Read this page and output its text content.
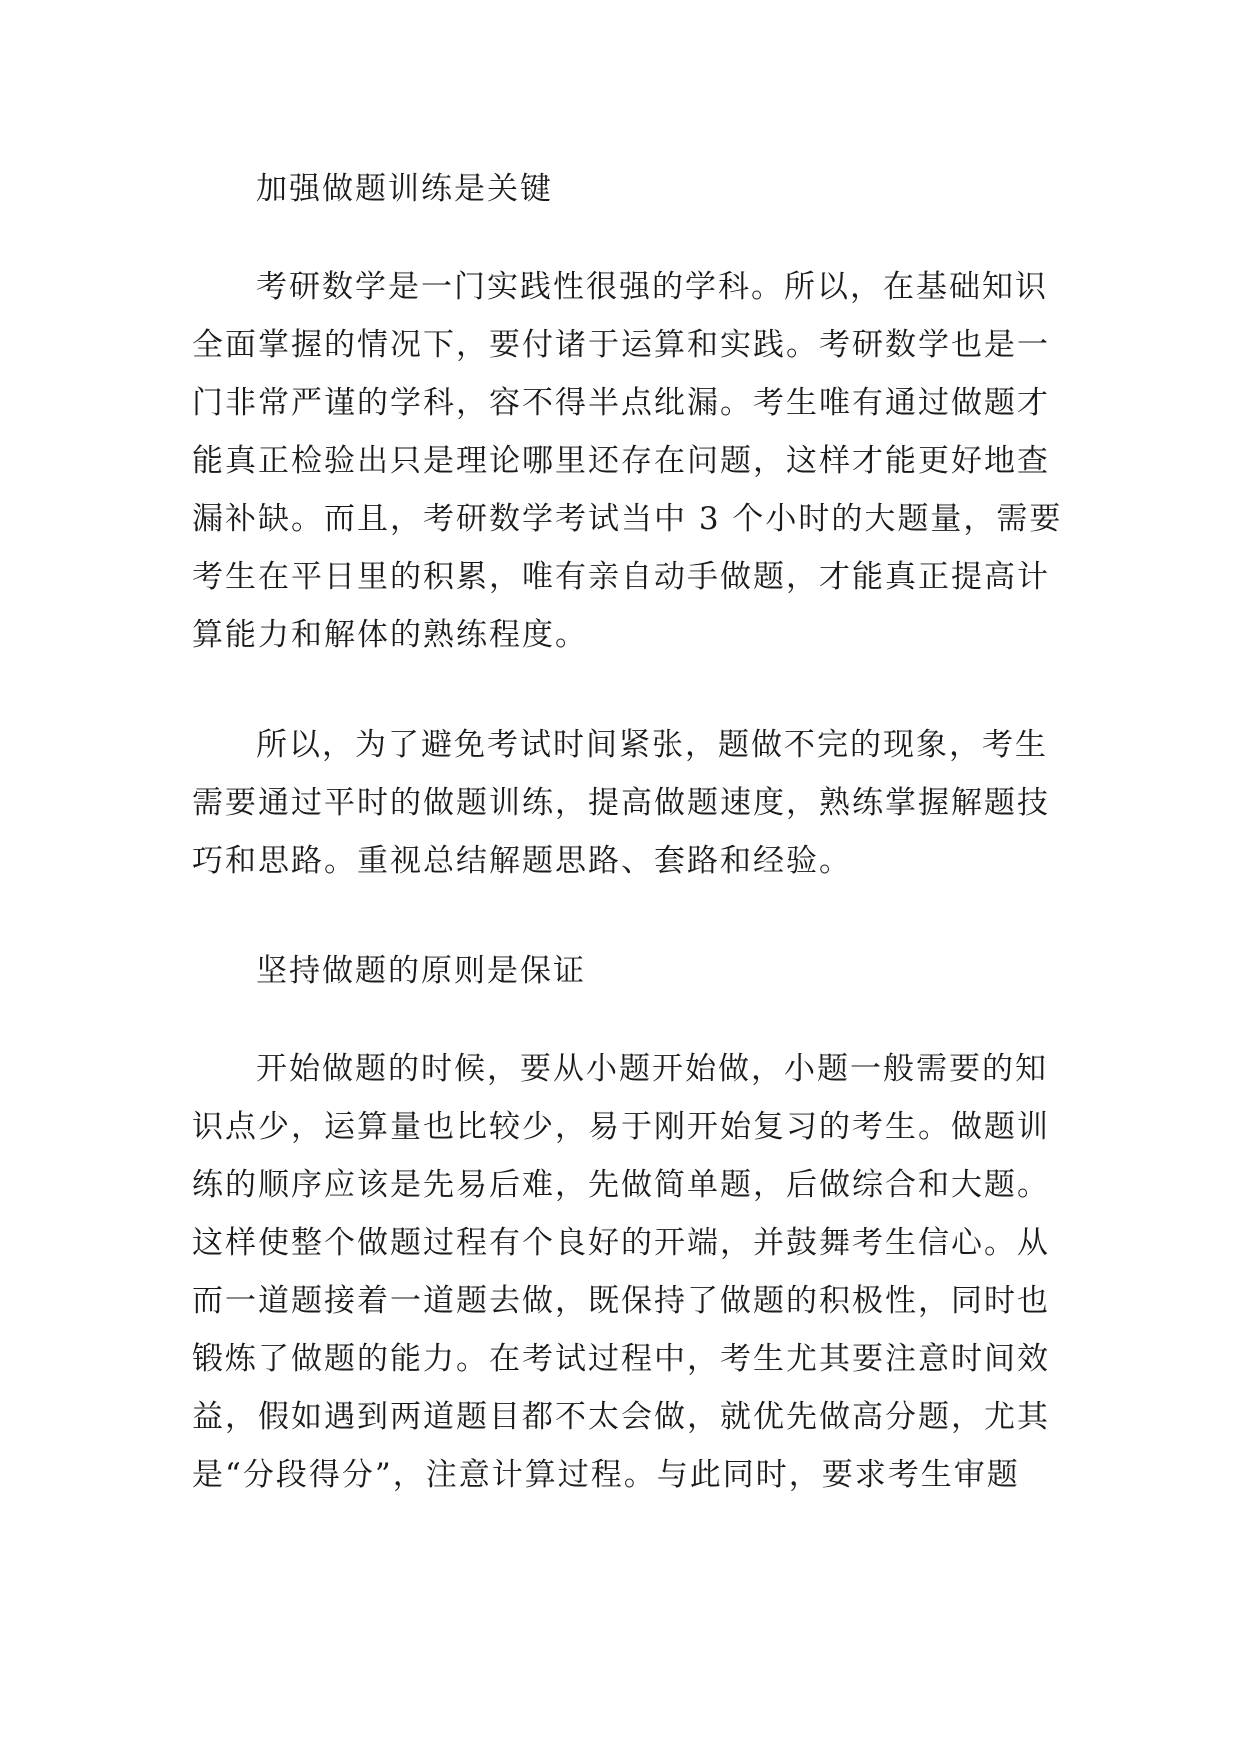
加强做题训练是关键
考研数学是一门实践性很强的学科。所以，在基础知识
全面掌握的情况下，要付诸于运算和实践。考研数学也是一
门非常严谨的学科，容不得半点纰漏。考生唯有通过做题才
能真正检验出只是理论哪里还存在问题，这样才能更好地查
漏补缺。而且，考研数学考试当中 3 个小时的大题量，需要
考生在平日里的积累，唯有亲自动手做题，才能真正提高计
算能力和解体的熟练程度。
所以，为了避免考试时间紧张，题做不完的现象，考生
需要通过平时的做题训练，提高做题速度，熟练掌握解题技
巧和思路。重视总结解题思路、套路和经验。
坚持做题的原则是保证
开始做题的时候，要从小题开始做，小题一般需要的知
识点少，运算量也比较少，易于刚开始复习的考生。做题训
练的顺序应该是先易后难，先做简单题，后做综合和大题。
这样使整个做题过程有个良好的开端，并鼓舞考生信心。从
而一道题接着一道题去做，既保持了做题的积极性，同时也
锻炼了做题的能力。在考试过程中，考生尤其要注意时间效
益，假如遇到两道题目都不太会做，就优先做高分题，尤其
是“分段得分”，注意计算过程。与此同时，要求考生审题
